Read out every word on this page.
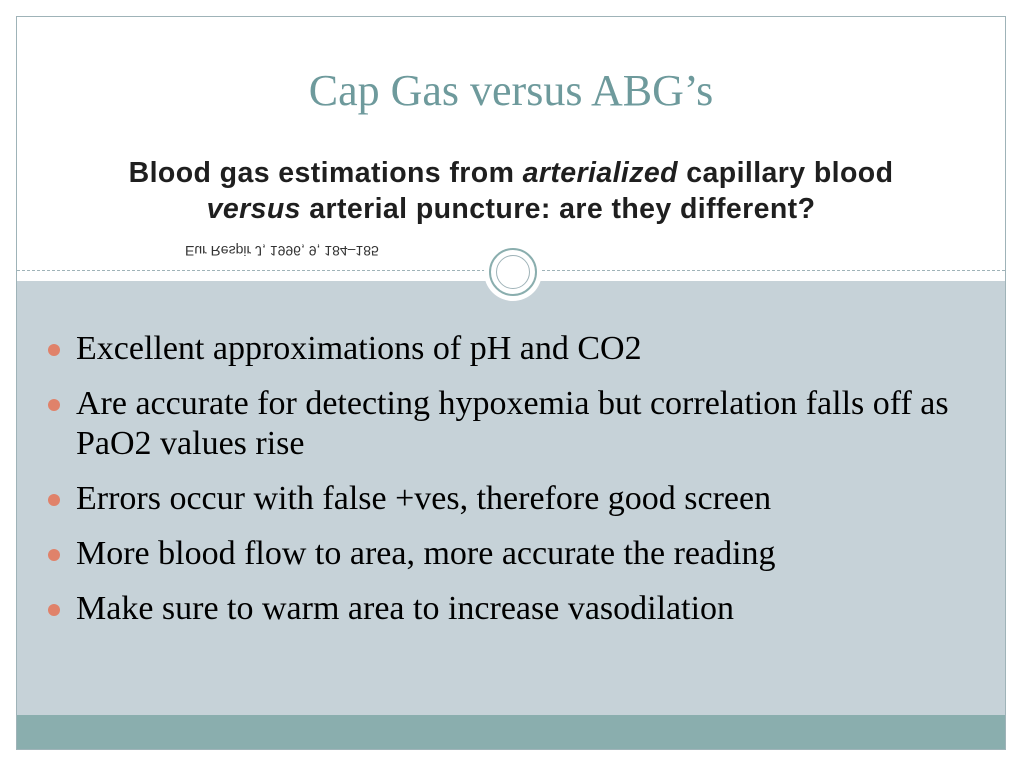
Cap Gas versus ABG’s
Blood gas estimations from arterialized capillary blood
versus arterial puncture: are they different?
Eur Respir J, 1996, 9, 184–185
Excellent approximations of pH and CO2
Are accurate for detecting hypoxemia but correlation falls off as PaO2 values rise
Errors occur with false +ves, therefore good screen
More blood flow to area, more accurate the reading
Make sure to warm area to increase vasodilation
